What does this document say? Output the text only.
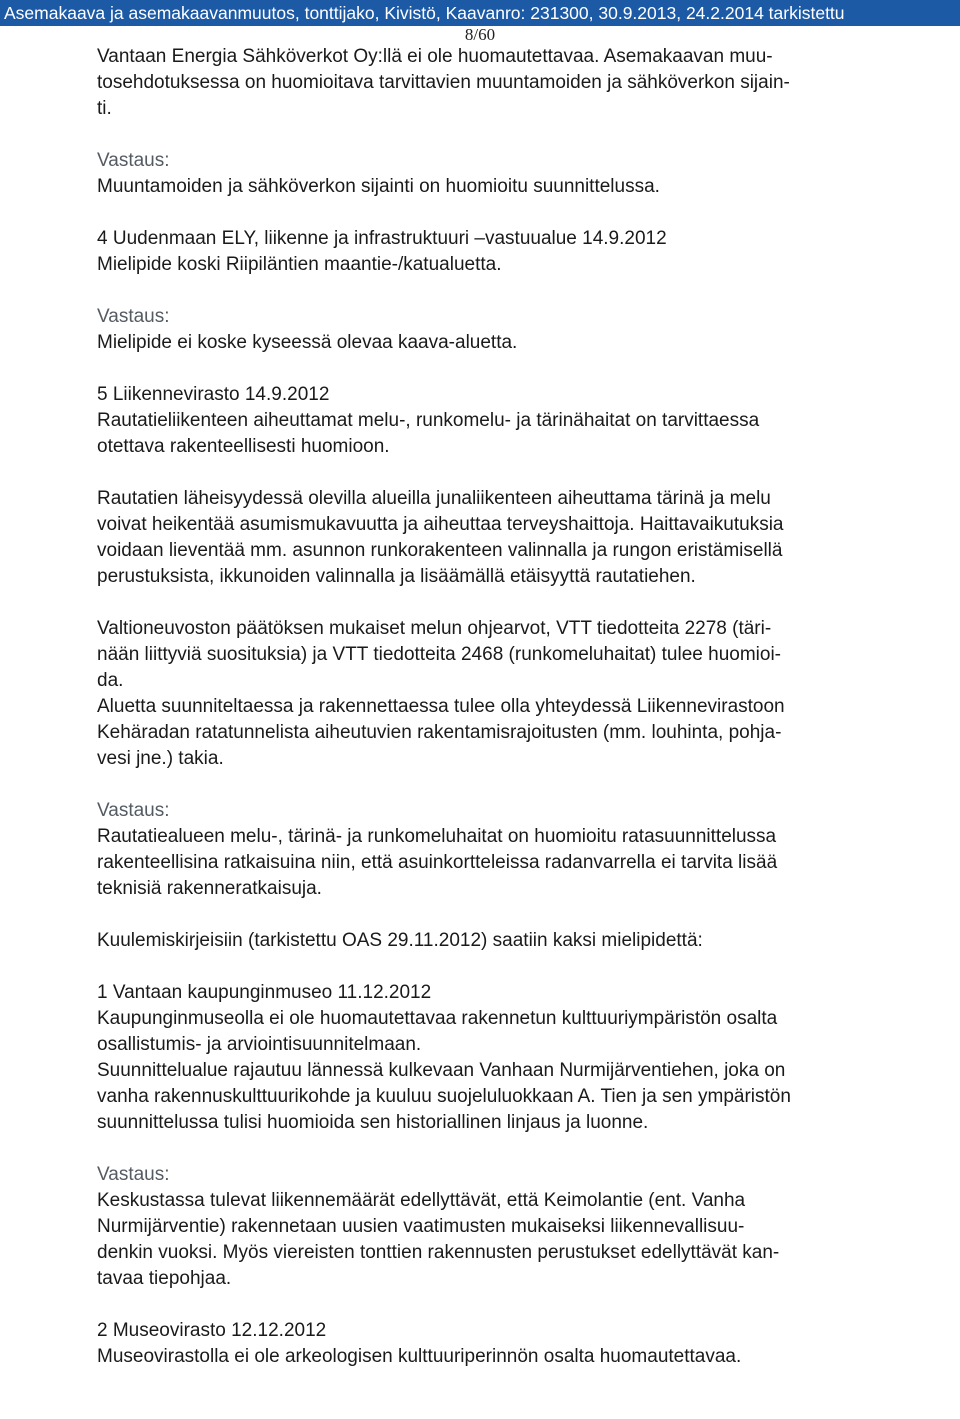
Asemakaava ja asemakaavanmuutos, tonttijako, Kivistö, Kaavanro: 231300, 30.9.2013, 24.2.2014 tarkistettu
8/60

Vantaan Energia Sähköverkot Oy:llä ei ole huomautettavaa. Asemakaavan muu-
tosehdotuksessa on huomioitava tarvittavien muuntamoiden ja sähköverkon sijain-
ti.

Vastaus:

Muuntamoiden ja sähköverkon sijainti on huomioitu suunnittelussa.

4 Uudenmaan ELY, liikenne ja infrastruktuuri –vastuualue 14.9.2012
Mielipide koski Riipiläntien maantie-/katualuetta.

Vastaus:

Mielipide ei koske kyseessä olevaa kaava-aluetta.

5 Liikennevirasto 14.9.2012
Rautatieliikenteen aiheuttamat melu-, runkomelu- ja tärinähaitat on tarvittaessa
otettava rakenteellisesti huomioon.

Rautatien läheisyydessä olevilla alueilla junaliikenteen aiheuttama tärinä ja melu
voivat heikentää asumismukavuutta ja aiheuttaa terveyshaittoja. Haittavaikutuksia
voidaan lieventää mm. asunnon runkorakenteen valinnalla ja rungon eristämisellä
perustuksista, ikkunoiden valinnalla ja lisäämällä etäisyyttä rautatiehen.

Valtioneuvoston päätöksen mukaiset melun ohjearvot, VTT tiedotteita 2278 (täri-
nään liittyviä suosituksia) ja VTT tiedotteita 2468 (runkomeluhaitat) tulee huomioi-
da.
Aluetta suunniteltaessa ja rakennettaessa tulee olla yhteydessä Liikennevirastoon
Kehäradan ratatunnelista aiheutuvien rakentamisrajoitusten (mm. louhinta, pohja-
vesi jne.) takia.

Vastaus:

Rautatiealueen melu-, tärinä- ja runkomeluhaitat on huomioitu ratasuunnittelussa
rakenteellisina ratkaisuina niin, että asuinkortteleissa radanvarrella ei tarvita lisää
teknisiä rakenneratkaisuja.

Kuulemiskirjeisiin (tarkistettu OAS 29.11.2012) saatiin kaksi mielipidettä:

1 Vantaan kaupunginmuseo 11.12.2012
Kaupunginmuseolla ei ole huomautettavaa rakennetun kulttuuriympäristön osalta
osallistumis- ja arviointisuunnitelmaan.
Suunnittelualue rajautuu lännessä kulkevaan Vanhaan Nurmijärventiehen, joka on
vanha rakennuskulttuurikohde ja kuuluu suojeluluokkaan A. Tien ja sen ympäristön
suunnittelussa tulisi huomioida sen historiallinen linjaus ja luonne.

Vastaus:

Keskustassa tulevat liikennemäärät edellyttävät, että Keimolantie (ent. Vanha
Nurmijärventie) rakennetaan uusien vaatimusten mukaiseksi liikennevallisuu-
denkin vuoksi. Myös viereisten tonttien rakennusten perustukset edellyttävät kan-
tavaa tiepohjaa.

2 Museovirasto 12.12.2012
Museovirastolla ei ole arkeologisen kulttuuriperinnön osalta huomautettavaa.
